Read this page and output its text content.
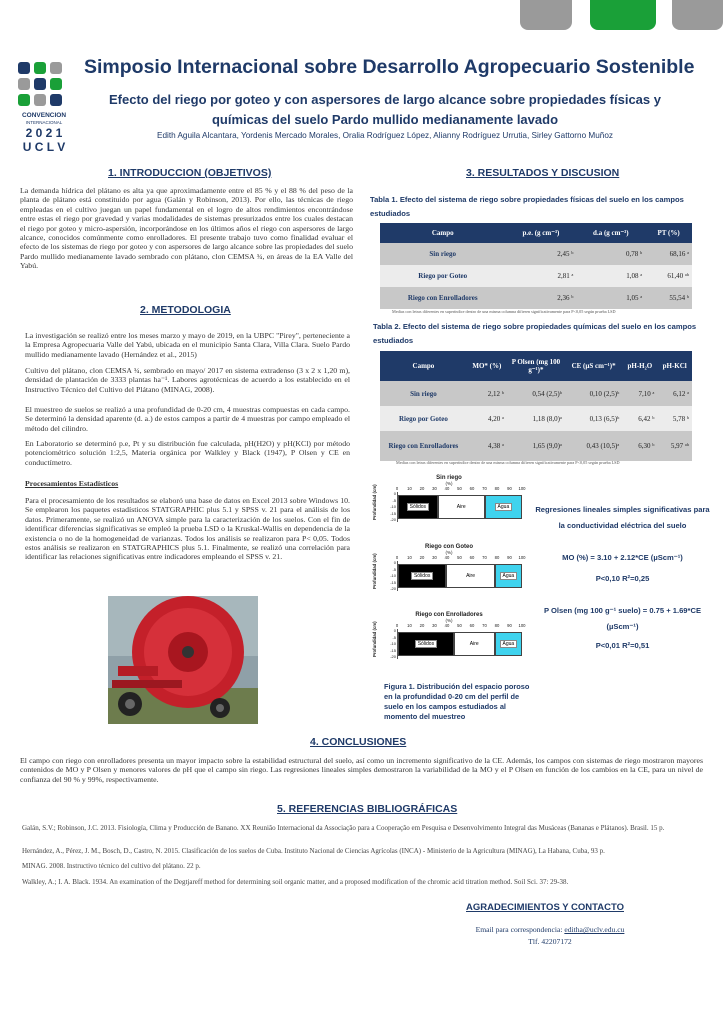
CONVENCION
INTERNACIONAL
2 0 2 1
U C L V
Simposio Internacional sobre Desarrollo Agropecuario Sostenible
Efecto del riego por goteo y con aspersores de largo alcance sobre propiedades físicas y químicas del suelo Pardo mullido medianamente lavado
Edith Aguila Alcantara, Yordenis Mercado Morales, Oralia Rodríguez López, Alianny Rodríguez Urrutia, Sirley Gattorno Muñoz
1. INTRODUCCION (OBJETIVOS)
La demanda hídrica del plátano es alta ya que aproximadamente entre el 85 % y el 88 % del peso de la planta de plátano está constituido por agua (Galán y Robinson, 2013). Por ello, las técnicas de riego empleadas en el cultivo juegan un papel fundamental en el logro de altos rendimientos encontrándose entre estas el riego por gravedad y varias modalidades de sistemas presurizados entre los cuales destacan el riego por goteo y micro-aspersión, incorporándose en los últimos años el riego con aspersores de largo alcance, conocidos comúnmente como enrolladores. El presente trabajo tuvo como finalidad evaluar el efecto de los sistemas de riego por goteo y con aspersores de largo alcance sobre las propiedades del suelo Pardo mullido medianamente lavado sembrado con plátano, clon CEMSA ¾, en áreas de la EA Valle del Yabú.
2. METODOLOGIA
La investigación se realizó entre los meses marzo y mayo de 2019, en la UBPC "Pirey", perteneciente a la Empresa Agropecuaria Valle del Yabú, ubicada en el municipio Santa Clara, Villa Clara. Suelo Pardo mullido medianamente lavado (Hernández et al., 2015)
Cultivo del plátano, clon CEMSA ¾, sembrado en mayo/ 2017 en sistema extradenso (3 x 2 x 1,20 m), densidad de plantación de 3333 plantas ha⁻¹. Labores agrotécnicas de acuerdo a los establecido en el Instructivo Técnico del Cultivo del Plátano (MINAG, 2008).
El muestreo de suelos se realizó a una profundidad de 0-20 cm, 4 muestras compuestas en cada campo. Se determinó la densidad aparente (d. a.) de estos campos a partir de 4 muestras por campo empleado el método del cilindro.
En Laboratorio se determinó p.e, Pt y su distribución fue calculada, pH(H2O) y pH(KCl) por método potenciométrico solución 1:2,5, Materia orgánica por Walkley y Black (1947), P Olsen y CE en conductímetro.
Procesamientos Estadísticos
Para el procesamiento de los resultados se elaboró una base de datos en Excel 2013 sobre Windows 10. Se emplearon los paquetes estadísticos STATGRAPHIC plus 5.1 y SPSS v. 21 para el análisis de los datos. Primeramente, se realizó un ANOVA simple para la caracterización de los suelos. Con el fin de identificar diferencias significativas se empleó la prueba LSD o la Kruskal-Wallis en dependencia de la existencia o no de la homogeneidad de varianzas. Todos los análisis se realizaron para P< 0,05. Todos estos análisis se realizaron en STATGRAPHICS plus 5.1. Finalmente, se realizó una correlación para identificar las relaciones significativas entre indicadores empleando el SPSS v. 21.
3. RESULTADOS Y DISCUSION
Tabla 1. Efecto del sistema de riego sobre propiedades físicas del suelo en los campos estudiados
Campo	p.e. (g cm⁻³)	d.a (g cm⁻³)	PT (%)
Sin riego	2,45 ᵇ	0,78 ᵇ	68,16 ᵃ
Riego por Goteo	2,81 ᵃ	1,08 ᵃ	61,40 ᵃᵇ
Riego con Enrolladores	2,36 ᵇ	1,05 ᵃ	55,54 ᵇ
Medias con letras diferentes en superíndice dentro de una misma columna difieren significativamente para P<0,05 según prueba LSD
Tabla 2. Efecto del sistema de riego sobre propiedades químicas del suelo en los campos estudiados
Campo	MO* (%)	P Olsen (mg 100 g⁻¹)*	CE (µS cm⁻¹)*	pH-H₂O	pH-KCl
Sin riego	2,12 ᵇ	0,54 (2,5)ᵇ	0,10 (2,5)ᵇ	7,10 ᵃ	6,12 ᵃ
Riego por Goteo	4,20 ᵃ	1,18 (8,0)ᵃ	0,13 (6,5)ᵇ	6,42 ᵇ	5,78 ᵇ
Riego con Enrolladores	4,38 ᵃ	1,65 (9,0)ᵃ	0,43 (10,5)ᵃ	6,30 ᵇ	5,97 ᵃᵇ
Medias con letras diferentes en superíndice dentro de una misma columna difieren significativamente para P<0,05 según prueba LSD
Sin riego
(%)
0 10 20 30 40 50 60 70 80 90 100
Profundidad (cm)	0
-5
-10
-15
-20
Sólidos	Aire	Agua
Riego con Goteo
(%)
0 10 20 30 40 50 60 70 80 90 100
Profundidad (cm)	0
-5
-10
-15
-20
Sólidos	Aire	Agua
Riego con Enrolladores
(%)
0 10 20 30 40 50 60 70 80 90 100
Profundidad (cm)	0
-5
-10
-15
-20
Sólidos	Aire	Agua
Figura 1. Distribución del espacio poroso en la profundidad 0-20 cm del perfil de suelo en los campos estudiados al momento del muestreo
Regresiones lineales simples significativas para la conductividad eléctrica del suelo
MO (%) = 3.10 + 2.12*CE (µScm⁻¹)
P<0,10 R²=0,25
P Olsen (mg 100 g⁻¹ suelo) = 0.75 + 1.69*CE (µScm⁻¹)
P<0,01 R²=0,51
4. CONCLUSIONES
El campo con riego con enrolladores presenta un mayor impacto sobre la estabilidad estructural del suelo, así como un incremento significativo de la CE. Además, los campos con sistemas de riego mostraron mayores contenidos de MO y P Olsen y menores valores de pH que el campo sin riego. Las regresiones lineales simples demostraron la variabilidad de la MO y el P Olsen en función de los cambios en la CE, para un nivel de confianza del 90 % y 99%, respectivamente.
5. REFERENCIAS BIBLIOGRÁFICAS
Galán, S.V.; Robinson, J.C. 2013. Fisiología, Clima y Producción de Banano. XX Reunião Internacional da Associação para a Cooperação em Pesquisa e Desenvolvimento Integral das Musáceas (Bananas e Plátanos). Brasil. 15 p.
Hernández, A., Pérez, J. M., Bosch, D., Castro, N. 2015. Clasificación de los suelos de Cuba. Instituto Nacional de Ciencias Agrícolas (INCA) - Ministerio de la Agricultura (MINAG), La Habana, Cuba, 93 p.
MINAG. 2008. Instructivo técnico del cultivo del plátano. 22 p.
Walkley, A.; I. A. Black. 1934. An examination of the Degtjareff method for determining soil organic matter, and a proposed modification of the chromic acid titration method. Soil Sci. 37: 29-38.
AGRADECIMIENTOS Y CONTACTO
Email para correspondencia: editha@uclv.edu.cu
Tlf. 42207172
